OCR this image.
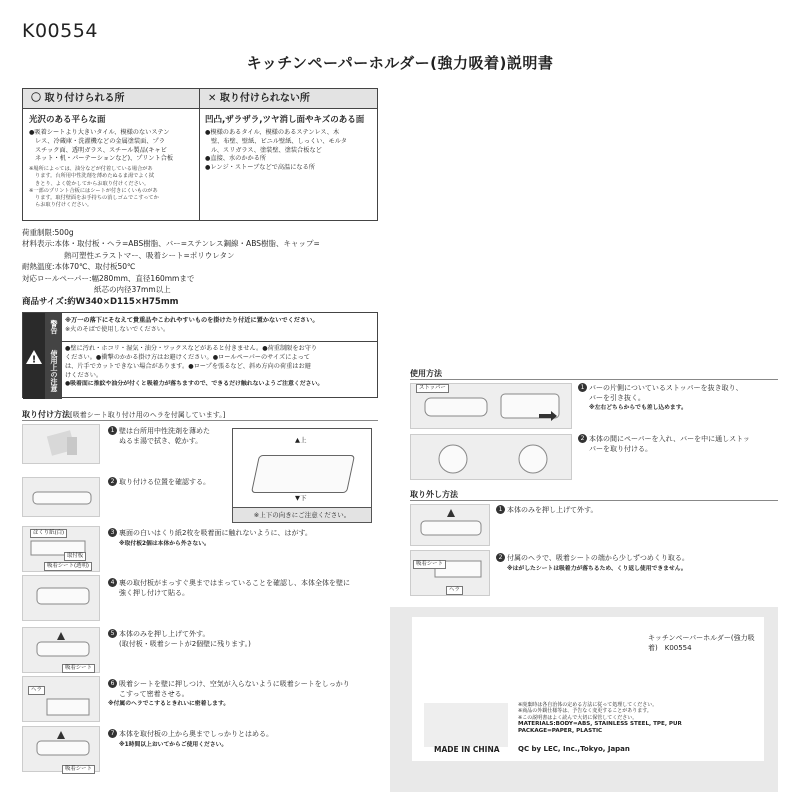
K00554
キッチンペーパーホルダー(強力吸着)説明書
〇 取り付けられる所	✕ 取り付けられない所
光沢のある平らな面
●吸着シートより大きいタイル、模様のないステン
レス、冷蔵庫・洗濯機などの金属塗装面、プラ
スチック面、透明ガラス、スチール製品(キャビ
ネット・机・パーテーションなど)、プリント合板
※場所によっては、油分などが付着している場合があ
ります。台所用中性洗剤を薄めたぬるま湯でよく拭
きとり、よく乾かしてからお取り付けください。
※一部のプリント合板にはシートが付きにくいものがあ
ります。取付壁面をお手持ちの消しゴムでこすってか
らお取り付けください。
凹凸,ザラザラ,ツヤ消し面やキズのある面
●模様のあるタイル、模様のあるステンレス、木
壁、布壁、壁紙、ビニル壁紙、しっくい、モルタ
ル、スリガラス、塗装壁、塗装合板など
●直接、水のかかる所
●レンジ・ストーブなどで高温になる所
荷重制限:500g
材料表示:本体・取付板・ヘラ=ABS樹脂、バー=ステンレス鋼線・ABS樹脂、キャップ=
熱可塑性エラストマー、吸着シート=ポリウレタン
耐熱温度:本体70℃、取付板50℃
対応ロールペーパー:幅280mm、直径160mmまで
紙芯の内径37mm以上
商品サイズ:約W340×D115×H75mm
!
警告
使用上の注意
※万一の落下にそなえて貴重品やこわれやすいものを掛けたり付近に置かないでください。
※火のそばで使用しないでください。
●壁に汚れ・ホコリ・湿気・油分・ワックスなどがあると付きません。●荷重制限をお守り
ください。●衝撃のかかる掛け方はお避けください。●ロールペーパーのサイズによって
は、片手でカットできない場合があります。●ロープを張るなど、斜め方向の荷重はお避
けください。
●吸着面に推紋や油分が付くと吸着力が落ちますので、できるだけ触れないようご注意ください。
取り付け方法[吸着シート取り付け用のヘラを付属しています。]
はくり紙(白)
取付板
吸着シート(透明)
吸着シート
ヘラ
吸着シート
1 壁は台所用中性洗剤を薄めた
ぬるま湯で拭き、乾かす。
2 取り付ける位置を確認する。
3 裏面の白いはくり紙2枚を吸着面に触れないように、はがす。
※取付板2個は本体から外さない。
4 裏の取付板がまっすぐ奥まではまっていることを確認し、本体全体を壁に
強く押し付けて貼る。
5 本体のみを押し上げて外す。
(取付板・吸着シートが2個壁に残ります。)
6 吸着シートを壁に押しつけ、空気が入らないように吸着シートをしっかり
こすって密着させる。
※付属のヘラでこするときれいに密着します。
7 本体を取付板の上から奥までしっかりとはめる。
※1時間以上おいてからご使用ください。
▲上
▼下
※上下の向きにご注意ください。
使用方法
ストッパー	1 バーの片側についているストッパーを抜き取り、
バーを引き抜く。
※左右どちらからでも差し込めます。
2 本体の間にペーパーを入れ、バーを中に通しストッ
パーを取り付ける。
取り外し方法
吸着シート
ヘラ
1 本体のみを押し上げて外す。
2 付属のヘラで、吸着シートの端から少しずつめくり取る。
※はがしたシートは吸着力が落ちるため、くり返し使用できません。
キッチンペーパーホルダー(強力吸着)　K00554
※廃棄時は各自治体の定める方法に従って処理してください。
※商品の外観仕様等は、予告なく変更することがあります。
※この説明書はよく読んで大切に保管してください。
MATERIALS:BODY=ABS, STAINLESS STEEL, TPE, PUR
PACKAGE=PAPER, PLASTIC
MADE IN CHINA	QC by LEC, Inc.,Tokyo, Japan
